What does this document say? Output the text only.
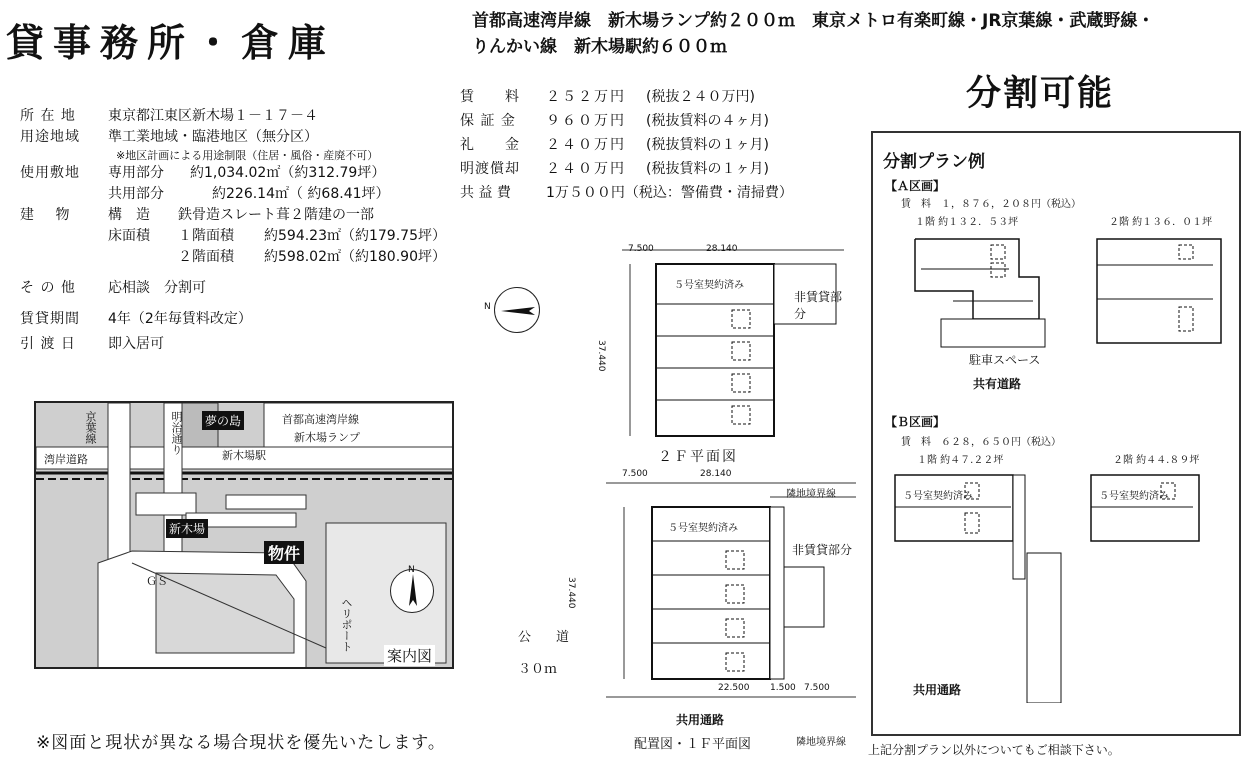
貸事務所・倉庫	首都高速湾岸線　新木場ランプ約２００ｍ　東京メトロ有楽町線・JR京葉線・武蔵野線・
りんかい線　新木場駅約６００ｍ
分割可能
所 在 地	東京都江東区新木場１－１７－４
用途地域	準工業地域・臨港地区（無分区）
※地区計画による用途制限（住居・風俗・産廃不可）
使用敷地	専用部分	約1,034.02㎡（約312.79坪）
共用部分	約226.14㎡（ 約68.41坪）
建　 物	構　造	鉄骨造スレート葺２階建の一部
床面積	１階面積	約594.23㎡（約179.75坪）
２階面積	約598.02㎡（約180.90坪）
そ の 他	応相談　分割可
賃貸期間	4年（2年毎賃料改定）
引 渡 日	即入居可
賃　　料	２５２万円	(税抜２４０万円)
保 証 金	９６０万円	(税抜賃料の４ヶ月)
礼　　金	２４０万円	(税抜賃料の１ヶ月)
明渡償却	２４０万円	(税抜賃料の１ヶ月)
共 益 費	1万５００円（税込：警備費・清掃費）
夢の島	首都高速湾岸線
新木場ランプ
新木場駅
京葉線	明治通り
湾岸道路
新木場
物件
ＧＳ
ヘリポート
N
案内図
N
５号室契約済み
非賃貸部分
7.500	28.140
37.440
２Ｆ平面図
５号室契約済み
非賃貸部分
隣地境界線
7.500	28.140
37.440
22.500 1.500 7.500
共用通路
隣地境界線
配置図・１Ｆ平面図
公　道
３０ｍ
分割プラン例
【Ａ区画】
賃　料　１，８７６，２０８円（税込）
１階 約１３２．５３坪	２階 約１３６．０１坪
駐車スペース
共有道路
【Ｂ区画】
賃　料　６２８，６５０円（税込）
１階 約４７.２２坪	２階 約４４.８９坪
５号室契約済み	５号室契約済み
共用通路
※図面と現状が異なる場合現状を優先いたします。	上記分割プラン以外についてもご相談下さい。
